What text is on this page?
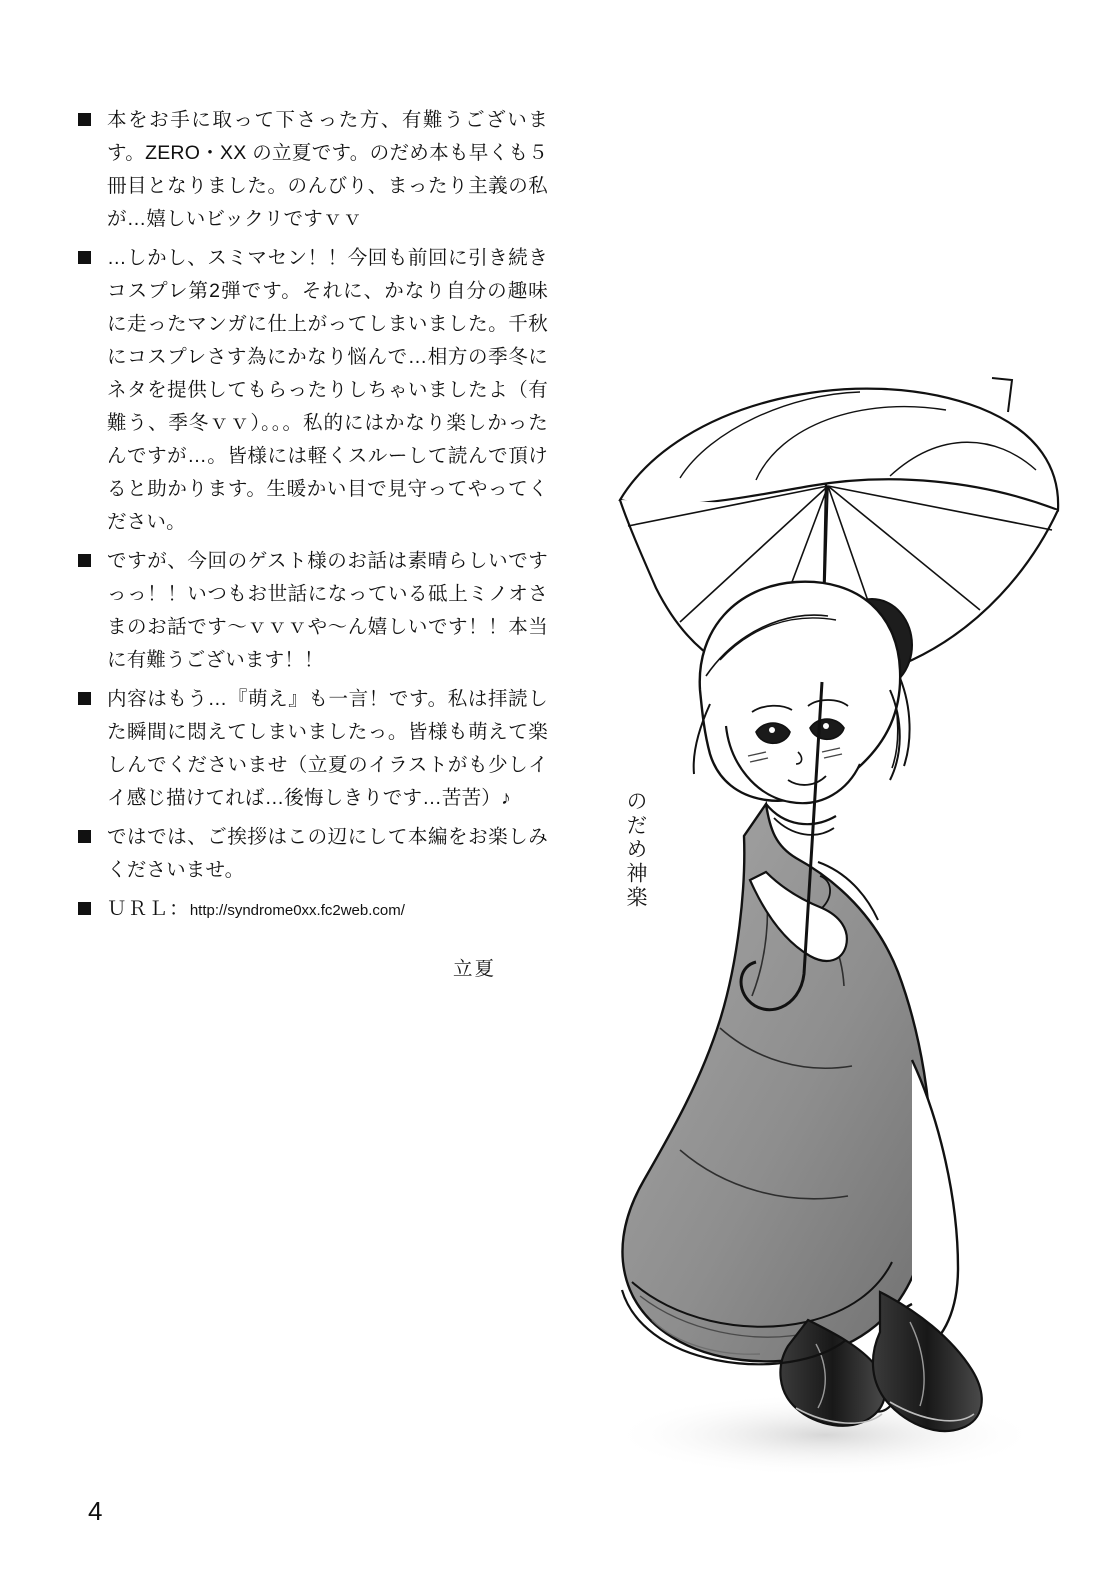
本をお手に取って下さった方、有難うございます。ZERO・XX の立夏です。のだめ本も早くも５冊目となりました。のんびり、まったり主義の私が…嬉しいビックリですｖｖ
…しかし、スミマセン！！今回も前回に引き続きコスプレ第2弾です。それに、かなり自分の趣味に走ったマンガに仕上がってしまいました。千秋にコスプレさす為にかなり悩んで…相方の季冬にネタを提供してもらったりしちゃいましたよ（有難う、季冬ｖｖ）。。。私的にはかなり楽しかったんですが…。皆様には軽くスルーして読んで頂けると助かります。生暖かい目で見守ってやってください。
ですが、今回のゲスト様のお話は素晴らしいですっっ！！いつもお世話になっている砥上ミノオさまのお話です〜ｖｖｖや〜ん嬉しいです！！本当に有難うございます！！
内容はもう…『萌え』も一言！です。私は拝読した瞬間に悶えてしまいましたっ。皆様も萌えて楽しんでくださいませ（立夏のイラストがも少しイイ感じ描けてれば…後悔しきりです…苦苦）♪
ではでは、ご挨拶はこの辺にして本編をお楽しみくださいませ。
ＵＲＬ：http://syndrome0xx.fc2web.com/
立夏
のだめ神楽
4
